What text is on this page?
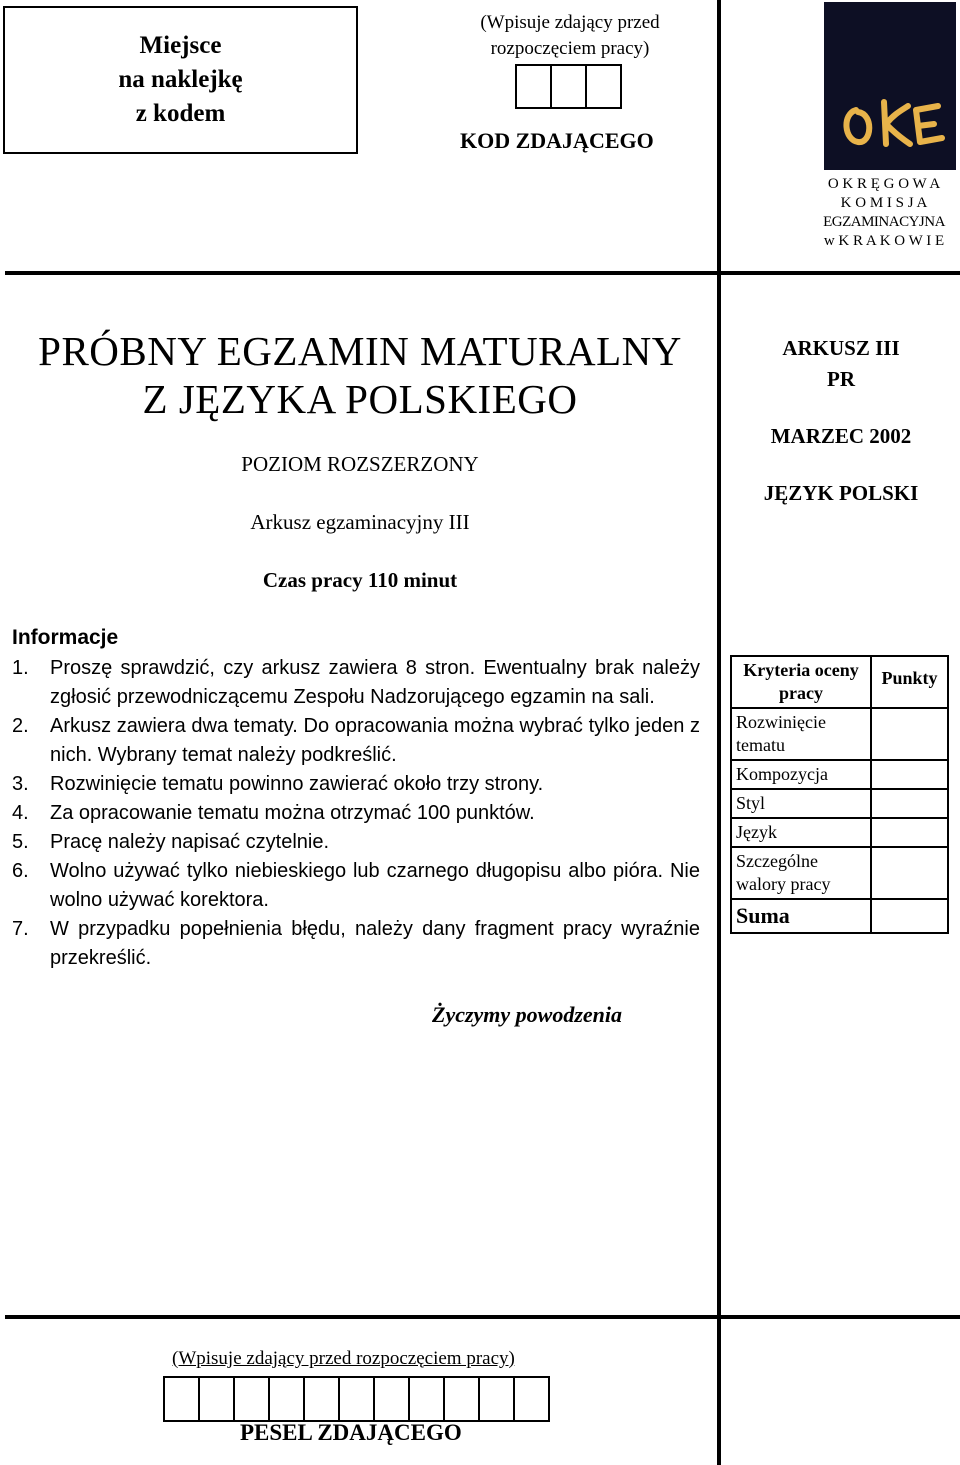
Miejsce
na naklejkę
z kodem
(Wpisuje zdający przed
rozpoczęciem pracy)
KOD ZDAJĄCEGO
O K R Ę G O W A
K O M I S J A
EGZAMINACYJNA
w K R A K O W I E
PRÓBNY EGZAMIN MATURALNY
Z JĘZYKA POLSKIEGO
POZIOM ROZSZERZONY
Arkusz egzaminacyjny III
Czas pracy 110 minut
ARKUSZ III
PR
MARZEC 2002
JĘZYK POLSKI
Informacje
1.	Proszę sprawdzić, czy arkusz zawiera 8 stron. Ewentualny brak należy zgłosić przewodniczącemu Zespołu Nadzorującego egzamin na sali.
2.	Arkusz zawiera dwa tematy. Do opracowania można wybrać tylko jeden z nich. Wybrany temat należy podkreślić.
3.	Rozwinięcie tematu powinno zawierać około trzy strony.
4.	Za opracowanie tematu można otrzymać 100 punktów.
5.	Pracę należy napisać czytelnie.
6.	Wolno używać tylko niebieskiego lub czarnego długopisu albo pióra. Nie wolno używać korektora.
7.	W przypadku popełnienia błędu, należy dany fragment pracy wyraźnie przekreślić.
Życzymy powodzenia
Kryteria oceny pracy	Punkty
Rozwinięcie tematu	
Kompozycja	
Styl	
Język	
Szczególne walory pracy	
Suma	
(Wpisuje zdający przed rozpoczęciem pracy)
PESEL ZDAJĄCEGO
